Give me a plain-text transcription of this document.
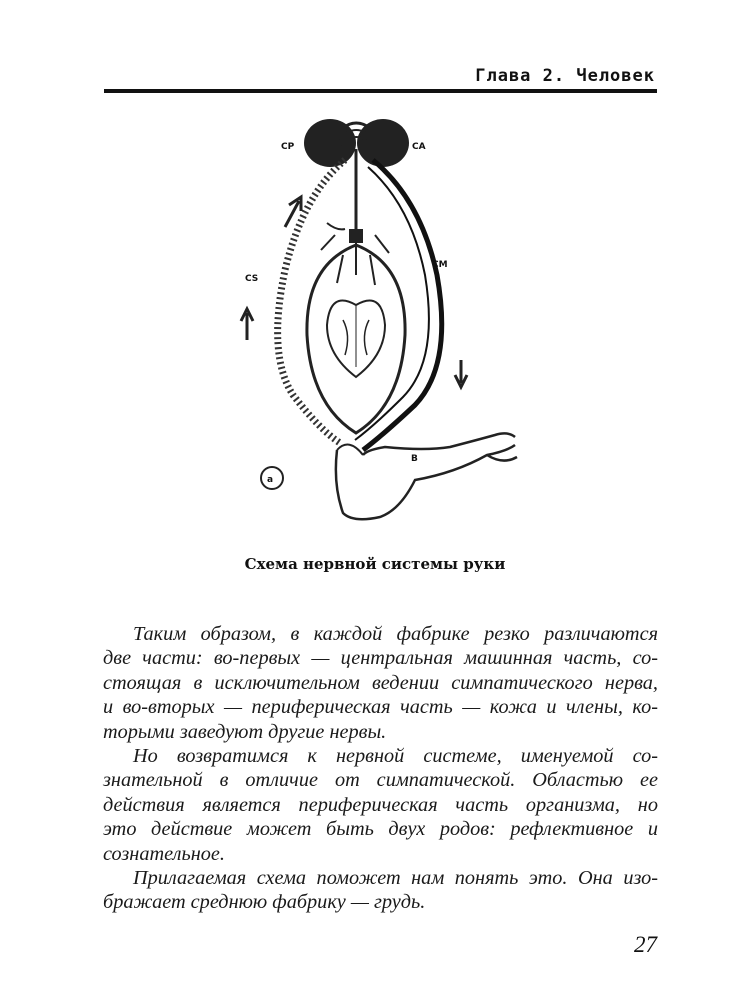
Глава 2. Человек
CP	CA
CM
CS
B
a
Схема нервной системы руки

Таким образом, в каждой фабрике резко различаются
две части: во-первых — центральная машинная часть, со-
стоящая в исключительном ведении симпатического нерва,
и во-вторых — периферическая часть — кожа и члены, ко-
торыми заведуют другие нервы.

Но возвратимся к нервной системе, именуемой со-
знательной в отличие от симпатической. Областью ее
действия является периферическая часть организма, но
это действие может быть двух родов: рефлективное и
сознательное.

Прилагаемая схема поможет нам понять это. Она изо-
бражает среднюю фабрику — грудь.

27
